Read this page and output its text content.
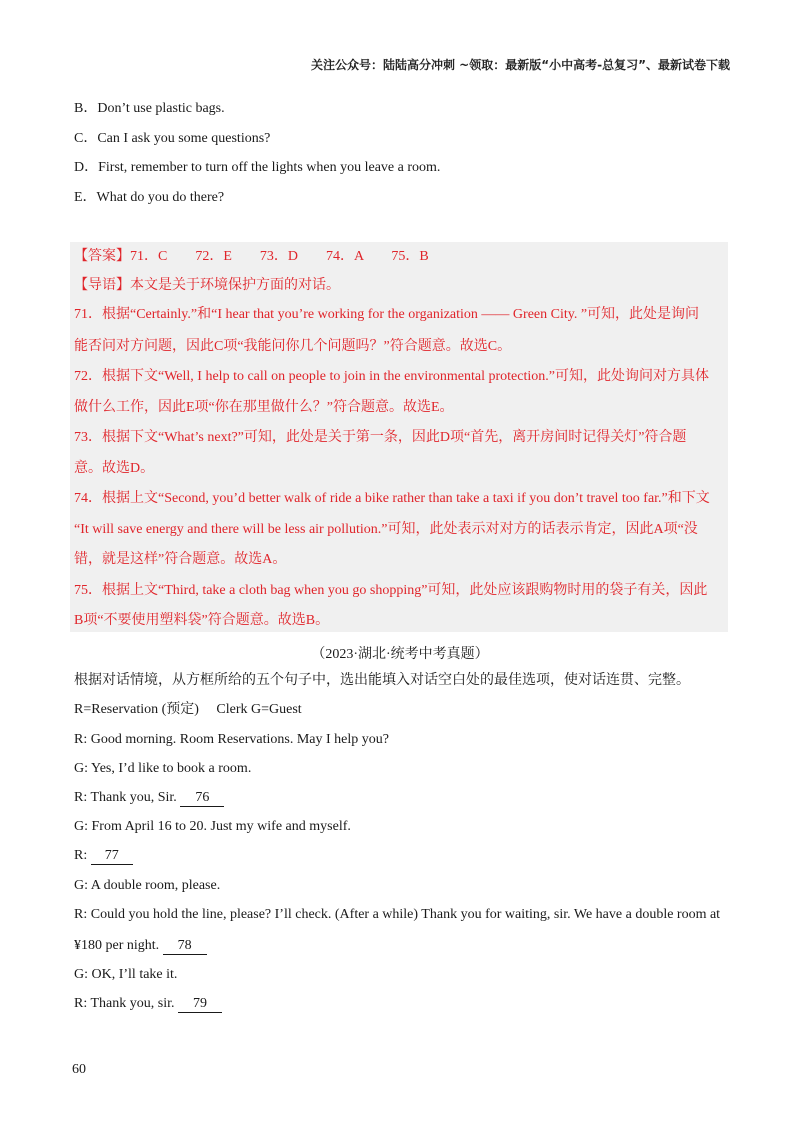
关注公众号：陆陆高分冲刺 ~领取：最新版“小中高考-总复习”、最新试卷下载
B．Don’t use plastic bags.
C．Can I ask you some questions?
D．First, remember to turn off the lights when you leave a room.
E．What do you do there?
【答案】71．C　　72．E　　73．D　　74．A　　75．B
【导语】本文是关于环境保护方面的对话。
71．根据“Certainly.”和“I hear that you’re working for the organization —— Green City. ”可知，此处是询问
能否问对方问题，因此C项“我能问你几个问题吗？”符合题意。故选C。
72．根据下文“Well, I help to call on people to join in the environmental protection.”可知，此处询问对方具体
做什么工作，因此E项“你在那里做什么？”符合题意。故选E。
73．根据下文“What’s next?”可知，此处是关于第一条，因此D项“首先，离开房间时记得关灯”符合题
意。故选D。
74．根据上文“Second, you’d better walk of ride a bike rather than take a taxi if you don’t travel too far.”和下文
“It will save energy and there will be less air pollution.”可知，此处表示对对方的话表示肯定，因此A项“没
错，就是这样”符合题意。故选A。
75．根据上文“Third, take a cloth bag when you go shopping”可知，此处应该跟购物时用的袋子有关，因此
B项“不要使用塑料袋”符合题意。故选B。
（2023·湖北·统考中考真题）
根据对话情境，从方框所给的五个句子中，选出能填入对话空白处的最佳选项，使对话连贯、完整。
R=Reservation (预定)　 Clerk G=Guest
R: Good morning. Room Reservations. May I help you?
G: Yes, I’d like to book a room.
R: Thank you, Sir. 76
G: From April 16 to 20. Just my wife and myself.
R: 77
G: A double room, please.
R: Could you hold the line, please? I’ll check. (After a while) Thank you for waiting, sir. We have a double room at
¥180 per night. 78
G: OK, I’ll take it.
R: Thank you, sir. 79
60
